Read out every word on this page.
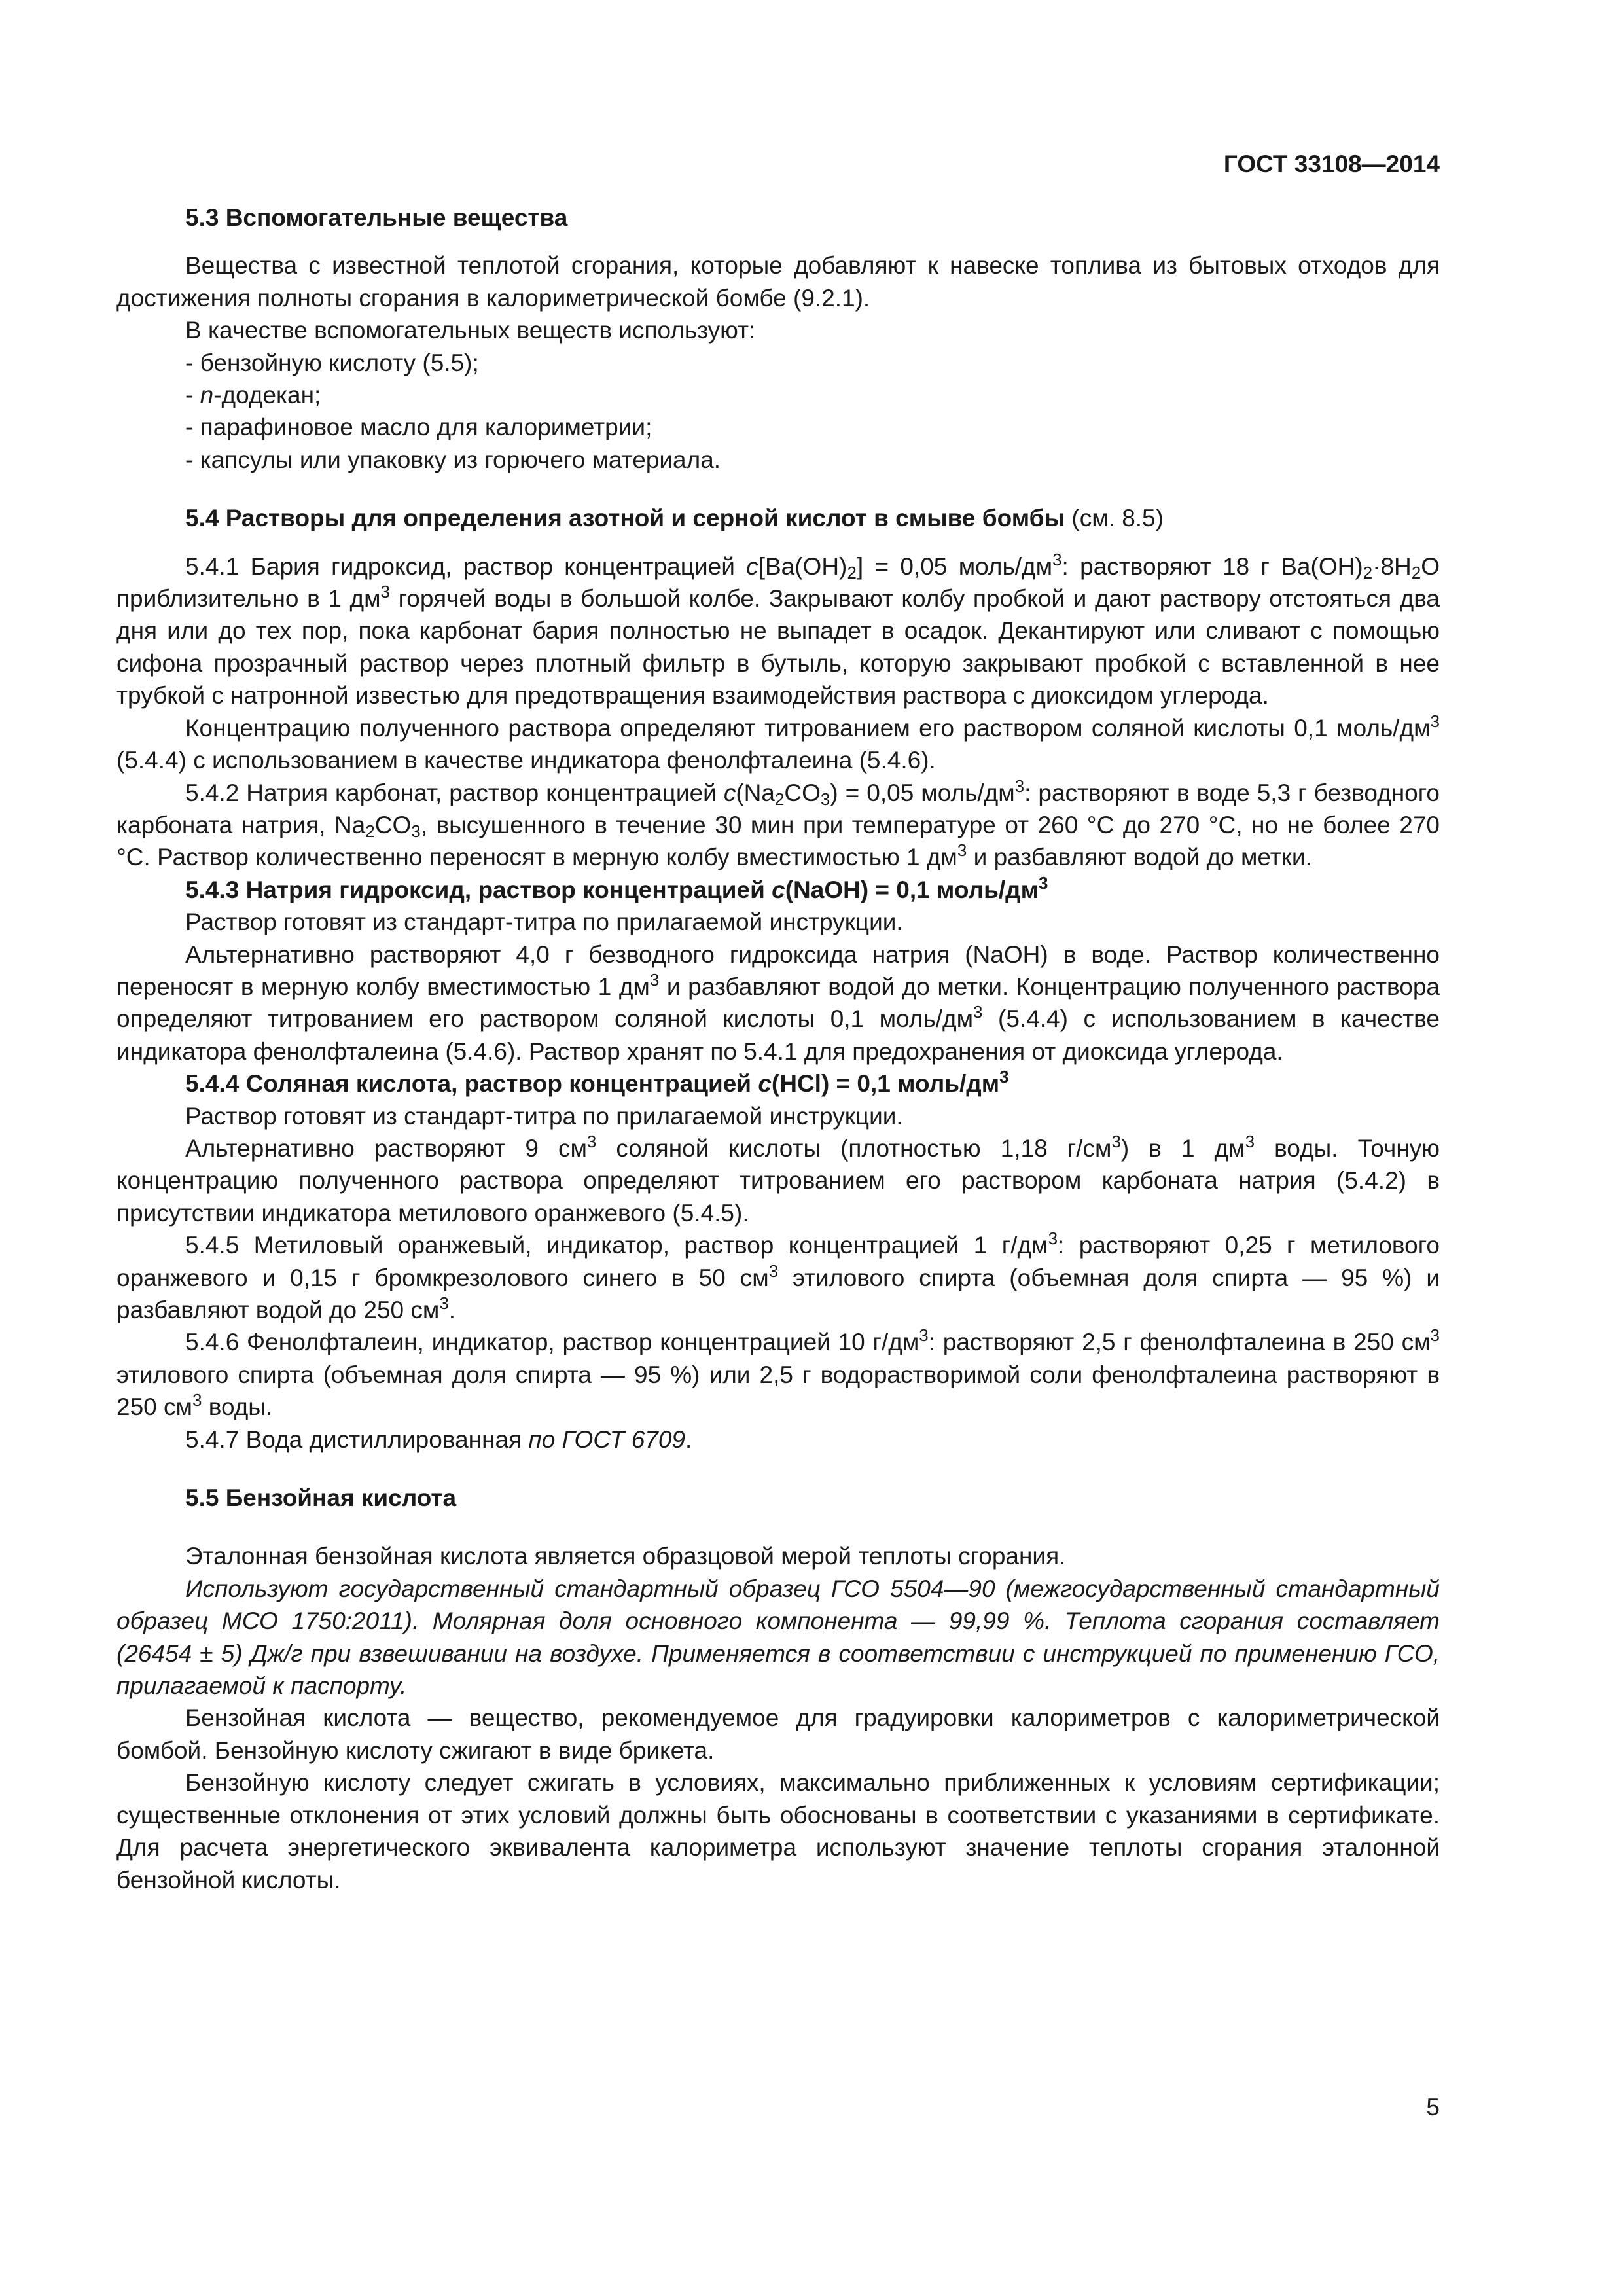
ГОСТ 33108—2014

5.3 Вспомогательные вещества

Вещества с известной теплотой сгорания, которые добавляют к навеске топлива из бытовых отходов для достижения полноты сгорания в калориметрической бомбе (9.2.1).

В качестве вспомогательных веществ используют:

- бензойную кислоту (5.5);

- n-додекан;

- парафиновое масло для калориметрии;

- капсулы или упаковку из горючего материала.

5.4 Растворы для определения азотной и серной кислот в смыве бомбы (см. 8.5)

5.4.1 Бария гидроксид, раствор концентрацией $c[Ba(OH)_2] = 0,05$ моль/$дм^3$: растворяют 18 г $Ba(OH)_2\cdot 8H_2O$ приблизительно в 1 $дм^3$ горячей воды в большой колбе. Закрывают колбу пробкой и дают раствору отстояться два дня или до тех пор, пока карбонат бария полностью не выпадет в осадок. Декантируют или сливают с помощью сифона прозрачный раствор через плотный фильтр в бутыль, которую закрывают пробкой с вставленной в нее трубкой с натронной известью для предотвращения взаимодействия раствора с диоксидом углерода.

Концентрацию полученного раствора определяют титрованием его раствором соляной кислоты 0,1 моль/$дм^3$ (5.4.4) с использованием в качестве индикатора фенолфталеина (5.4.6).

5.4.2 Натрия карбонат, раствор концентрацией $c(Na_2CO_3) = 0,05$ моль/$дм^3$: растворяют в воде 5,3 г безводного карбоната натрия, $Na_2CO_3$, высушенного в течение 30 мин при температуре от 260 °С до 270 °С, но не более 270 °С. Раствор количественно переносят в мерную колбу вместимостью 1 $дм^3$ и разбавляют водой до метки.

5.4.3 Натрия гидроксид, раствор концентрацией c(NaOH) = 0,1 моль/$дм^3$

Раствор готовят из стандарт-титра по прилагаемой инструкции.

Альтернативно растворяют 4,0 г безводного гидроксида натрия (NaOH) в воде. Раствор количественно переносят в мерную колбу вместимостью 1 $дм^3$ и разбавляют водой до метки. Концентрацию полученного раствора определяют титрованием его раствором соляной кислоты 0,1 моль/$дм^3$ (5.4.4) с использованием в качестве индикатора фенолфталеина (5.4.6). Раствор хранят по 5.4.1 для предохранения от диоксида углерода.

5.4.4 Соляная кислота, раствор концентрацией c(HCl) = 0,1 моль/$дм^3$

Раствор готовят из стандарт-титра по прилагаемой инструкции.

Альтернативно растворяют 9 $см^3$ соляной кислоты (плотностью 1,18 $г/см^3$) в 1 $дм^3$ воды. Точную концентрацию полученного раствора определяют титрованием его раствором карбоната натрия (5.4.2) в присутствии индикатора метилового оранжевого (5.4.5).

5.4.5 Метиловый оранжевый, индикатор, раствор концентрацией 1 $г/дм^3$: растворяют 0,25 г метилового оранжевого и 0,15 г бромкрезолового синего в 50 $см^3$ этилового спирта (объемная доля спирта — 95 %) и разбавляют водой до 250 $см^3$.

5.4.6 Фенолфталеин, индикатор, раствор концентрацией 10 $г/дм^3$: растворяют 2,5 г фенолфталеина в 250 $см^3$ этилового спирта (объемная доля спирта — 95 %) или 2,5 г водорастворимой соли фенолфталеина растворяют в 250 $см^3$ воды.

5.4.7 Вода дистиллированная по ГОСТ 6709.

5.5 Бензойная кислота

Эталонная бензойная кислота является образцовой мерой теплоты сгорания.

Используют государственный стандартный образец ГСО 5504—90 (межгосударственный стандартный образец МСО 1750:2011). Молярная доля основного компонента — 99,99 %. Теплота сгорания составляет (26454 ± 5) Дж/г при взвешивании на воздухе. Применяется в соответствии с инструкцией по применению ГСО, прилагаемой к паспорту.

Бензойная кислота — вещество, рекомендуемое для градуировки калориметров с калориметрической бомбой. Бензойную кислоту сжигают в виде брикета.

Бензойную кислоту следует сжигать в условиях, максимально приближенных к условиям сертификации; существенные отклонения от этих условий должны быть обоснованы в соответствии с указаниями в сертификате. Для расчета энергетического эквивалента калориметра используют значение теплоты сгорания эталонной бензойной кислоты.

5
